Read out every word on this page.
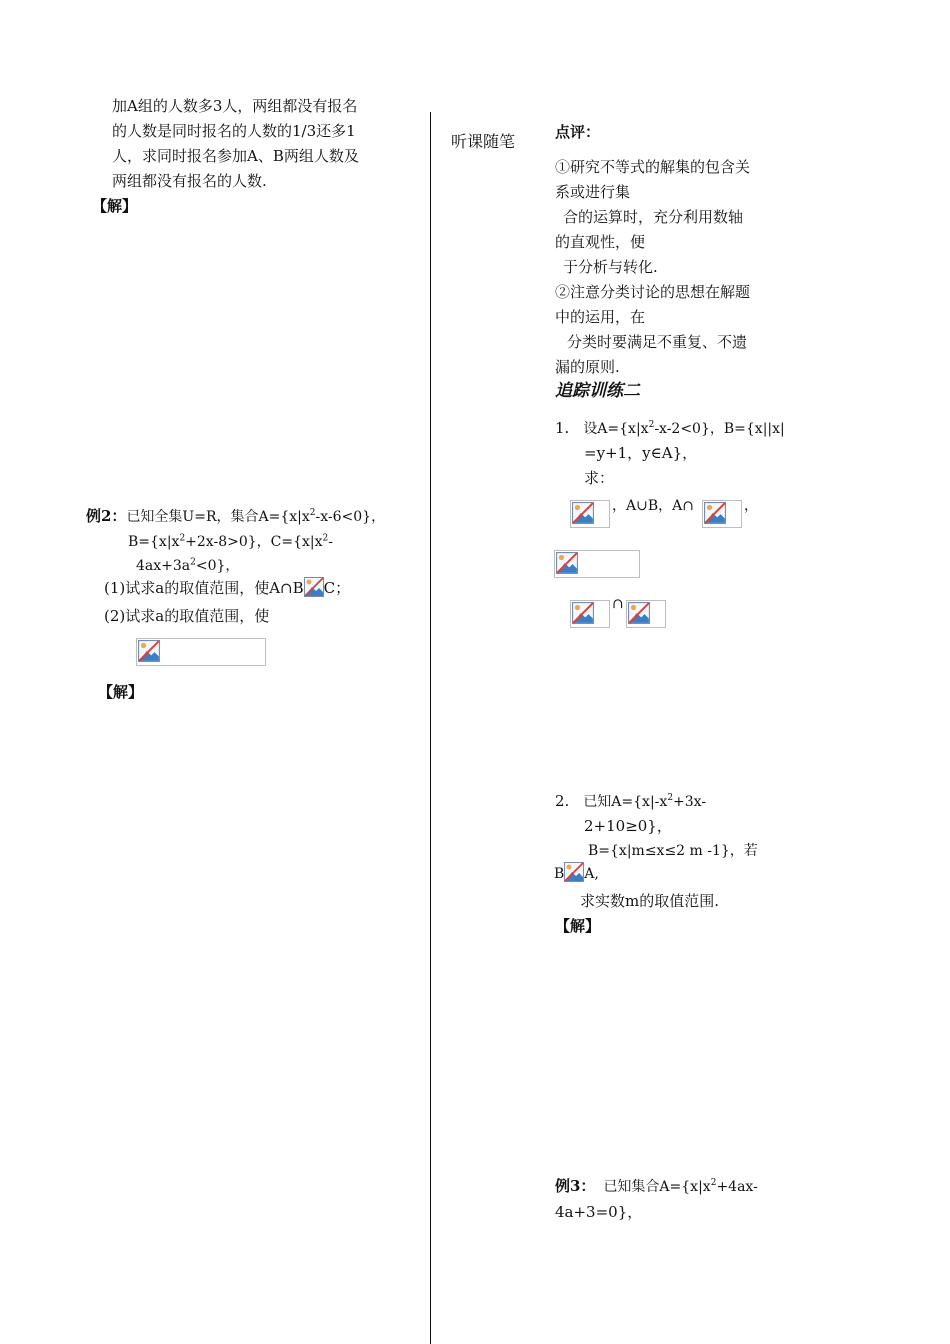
加A组的人数多3人，两组都没有报名
的人数是同时报名的人数的1/3还多1
人，求同时报名参加A、B两组人数及
两组都没有报名的人数.
【解】
例2：已知全集U=R，集合$A=\{x|x^2-x-6<0\}$，
$B=\{x|x^2+2x-8>0\}$，$C=\{x|x^2-$
$4ax+3a^2<0$}，
(1)试求a的取值范围，使A∩B C；
(2)试求a的取值范围，使
【解】
听课随笔	点评：
①研究不等式的解集的包含关
系或进行集
合的运算时，充分利用数轴
的直观性，便
于分析与转化.
②注意分类讨论的思想在解题
中的运用，在
分类时要满足不重复、不遗
漏的原则.
追踪训练二
1. 设$A=\{x|x^2-x-2<0\}$，B={x||x|
=y+1，y∈A}，
求：
，A∪B，A∩	，
∩
2. 已知$A=\{x|-x^2+3x-$
2+10≥0}，
B={x|m≤x≤2 m -1}，若
B A,
求实数m的取值范围.
【解】
例3： 已知集合$A=\{x|x^2+4ax-$
4a+3=0}，
